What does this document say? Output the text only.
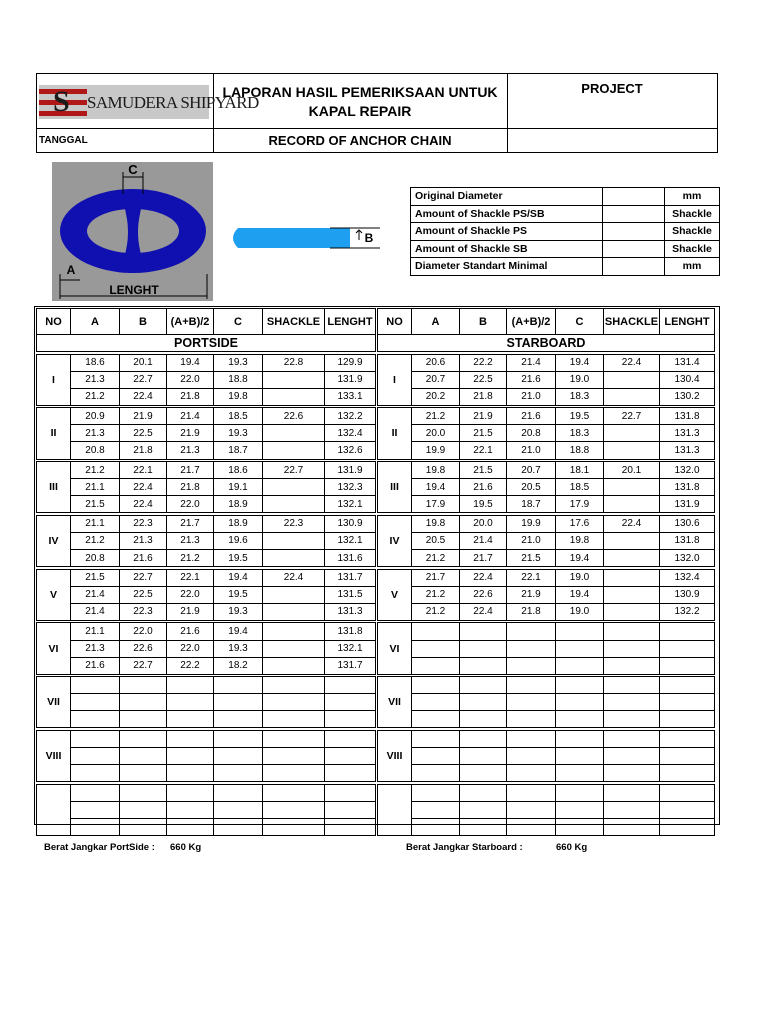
S SAMUDERA SHIPYARD
LAPORAN HASIL PEMERIKSAAN UNTUK
KAPAL REPAIR
PROJECT
TANGGAL	RECORD OF ANCHOR CHAIN
C
A
LENGHT
B
Original Diameter		mm
Amount of Shackle PS/SB		Shackle
Amount of Shackle PS		Shackle
Amount of Shackle SB		Shackle
Diameter Standart Minimal		mm
NO	A	B	(A+B)/2	C	SHACKLE	LENGHT
PORTSIDE						

I	18.6	20.1	19.4	19.3	22.8	129.9
	21.3	22.7	22.0	18.8		131.9
	21.2	22.4	21.8	19.8		133.1

II	20.9	21.9	21.4	18.5	22.6	132.2
	21.3	22.5	21.9	19.3		132.4
	20.8	21.8	21.3	18.7		132.6

III	21.2	22.1	21.7	18.6	22.7	131.9
	21.1	22.4	21.8	19.1		132.3
	21.5	22.4	22.0	18.9		132.1

IV	21.1	22.3	21.7	18.9	22.3	130.9
	21.2	21.3	21.3	19.6		132.1
	20.8	21.6	21.2	19.5		131.6

V	21.5	22.7	22.1	19.4	22.4	131.7
	21.4	22.5	22.0	19.5		131.5
	21.4	22.3	21.9	19.3		131.3

VI	21.1	22.0	21.6	19.4		131.8
	21.3	22.6	22.0	19.3		132.1
	21.6	22.7	22.2	18.2		131.7

VII						

VIII						

NO	A	B	(A+B)/2	C	SHACKLE	LENGHT
STARBOARD						

I	20.6	22.2	21.4	19.4	22.4	131.4
	20.7	22.5	21.6	19.0		130.4
	20.2	21.8	21.0	18.3		130.2

II	21.2	21.9	21.6	19.5	22.7	131.8
	20.0	21.5	20.8	18.3		131.3
	19.9	22.1	21.0	18.8		131.3

III	19.8	21.5	20.7	18.1	20.1	132.0
	19.4	21.6	20.5	18.5		131.8
	17.9	19.5	18.7	17.9		131.9

IV	19.8	20.0	19.9	17.6	22.4	130.6
	20.5	21.4	21.0	19.8		131.8
	21.2	21.7	21.5	19.4		132.0

V	21.7	22.4	22.1	19.0		132.4
	21.2	22.6	21.9	19.4		130.9
	21.2	22.4	21.8	19.0		132.2

VI						

VII						

VIII						

Berat Jangkar PortSide : 660 Kg	Berat Jangkar Starboard :	660 Kg
